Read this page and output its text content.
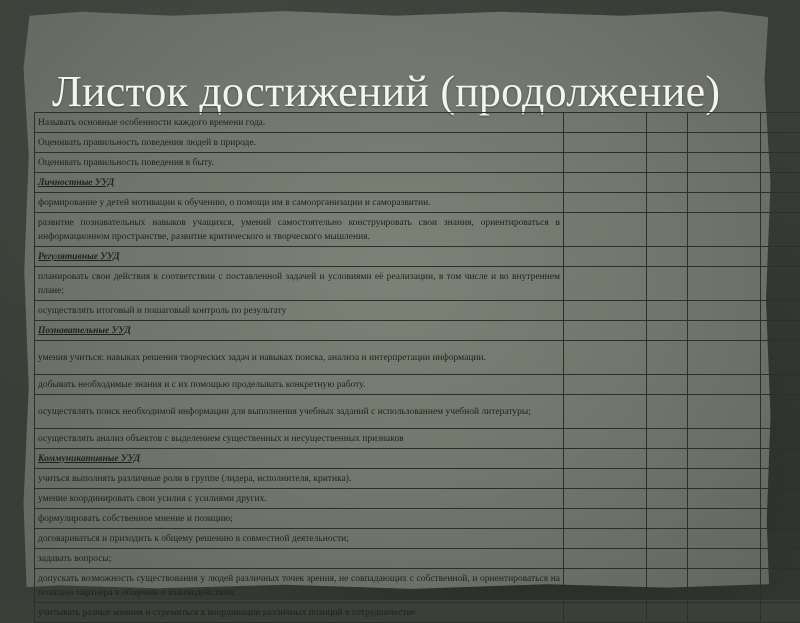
Листок достижений (продолжение)
Называть основные особенности каждого времени года.				
Оценивать правильность поведения людей в природе.				
Оценивать правильность поведения в быту.				
Личностные УУД				
формирование у детей мотивации к обучению, о помощи им в самоорганизации и саморазвитии.				
развитие познавательных навыков учащихся, умений самостоятельно конструировать свои знания, ориентироваться в информационном пространстве, развитие критического и творческого мышления.				
Регулятивные УУД				
планировать свои действия в соответствии с поставленной задачей и условиями её реализации, в том числе и во внутреннем плане;				
осуществлять итоговый и пошаговый контроль по результату				
Познавательные УУД				
умения учиться: навыках решения творческих задач и навыках поиска, анализа и интерпретации информации.				
добывать необходимые знания и с их помощью проделывать конкретную работу.				
осуществлять поиск необходимой информации для выполнения учебных заданий с использованием учебной литературы;				
осуществлять анализ объектов с выделением существенных и несущественных признаков				
Коммуникативные УУД				
учиться выполнять различные роли в группе (лидера, исполнителя, критика).				
умение координировать свои усилия с усилиями других.				
формулировать собственное мнение и позицию;				
договариваться и приходить к общему решению в совместной деятельности;				
задавать вопросы;				
допускать возможность существования у людей различных точек зрения, не совпадающих с собственной, и ориентироваться на позицию партнера в общении и взаимодействии;				
учитывать разные мнения и стремиться к координации различных позиций в сотрудничестве				
